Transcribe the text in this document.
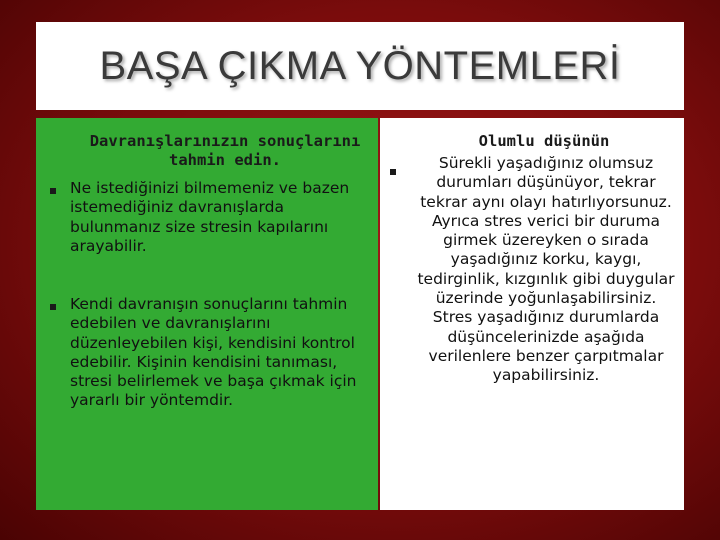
BAŞA ÇIKMA YÖNTEMLERİ
Davranışlarınızın sonuçlarını tahmin edin.
Ne istediğinizi bilmemeniz ve bazen istemediğiniz davranışlarda bulunmanız size stresin kapılarını arayabilir.
Kendi davranışın sonuçlarını tahmin edebilen ve davranışlarını düzenleyebilen kişi, kendisini kontrol edebilir. Kişinin kendisini tanıması, stresi belirlemek ve başa çıkmak için yararlı bir yöntemdir.
Olumlu düşünün
Sürekli yaşadığınız olumsuz durumları düşünüyor, tekrar tekrar aynı olayı hatırlıyorsunuz. Ayrıca stres verici bir duruma girmek üzereyken o sırada yaşadığınız korku, kaygı, tedirginlik, kızgınlık gibi duygular üzerinde yoğunlaşabilirsiniz. Stres yaşadığınız durumlarda düşüncelerinizde aşağıda verilenlere benzer çarpıtmalar yapabilirsiniz.
